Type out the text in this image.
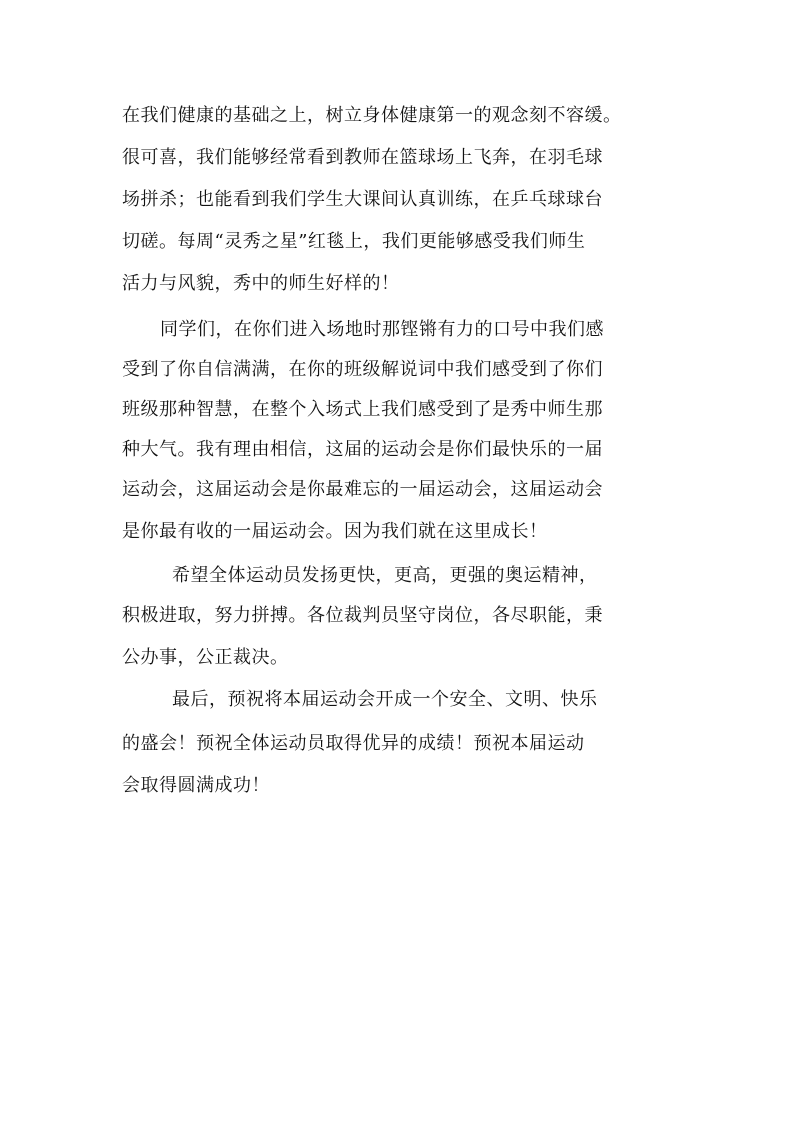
在我们健康的基础之上，树立身体健康第一的观念刻不容缓。
很可喜，我们能够经常看到教师在篮球场上飞奔，在羽毛球
场拼杀；也能看到我们学生大课间认真训练，在乒乓球球台
切磋。每周“灵秀之星”红毯上，我们更能够感受我们师生
活力与风貌，秀中的师生好样的！
同学们，在你们进入场地时那铿锵有力的口号中我们感
受到了你自信满满，在你的班级解说词中我们感受到了你们
班级那种智慧，在整个入场式上我们感受到了是秀中师生那
种大气。我有理由相信，这届的运动会是你们最快乐的一届
运动会，这届运动会是你最难忘的一届运动会，这届运动会
是你最有收的一届运动会。因为我们就在这里成长！
希望全体运动员发扬更快，更高，更强的奥运精神，
积极进取，努力拼搏。各位裁判员坚守岗位，各尽职能，秉
公办事，公正裁决。
最后，预祝将本届运动会开成一个安全、文明、快乐
的盛会！预祝全体运动员取得优异的成绩！预祝本届运动
会取得圆满成功！
